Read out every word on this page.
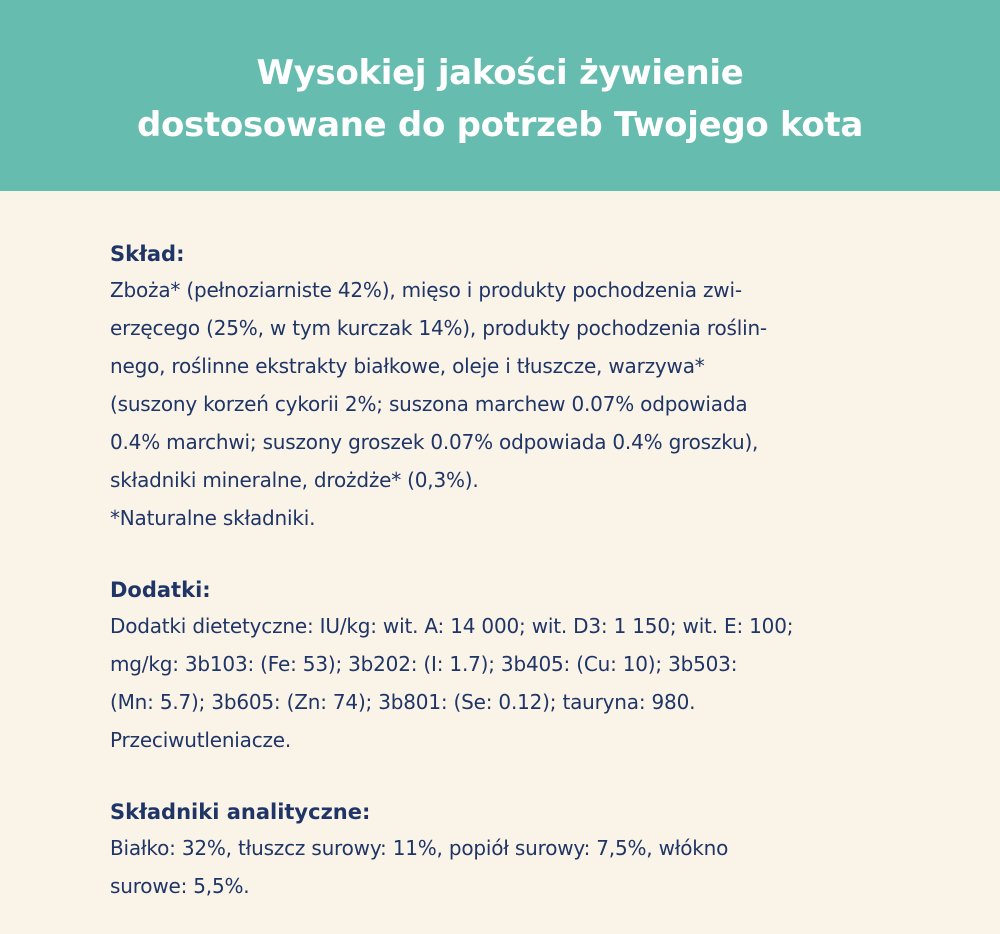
Wysokiej jakości żywienie
dostosowane do potrzeb Twojego kota
Skład:
Zboża* (pełnoziarniste 42%), mięso i produkty pochodzenia zwi-
erzęcego (25%, w tym kurczak 14%), produkty pochodzenia roślin-
nego, roślinne ekstrakty białkowe, oleje i tłuszcze, warzywa*
(suszony korzeń cykorii 2%; suszona marchew 0.07% odpowiada
0.4% marchwi; suszony groszek 0.07% odpowiada 0.4% groszku),
składniki mineralne, drożdże* (0,3%).
*Naturalne składniki.
Dodatki:
Dodatki dietetyczne: IU/kg: wit. A: 14 000; wit. D3: 1 150; wit. E: 100;
mg/kg: 3b103: (Fe: 53); 3b202: (I: 1.7); 3b405: (Cu: 10); 3b503:
(Mn: 5.7); 3b605: (Zn: 74); 3b801: (Se: 0.12); tauryna: 980.
Przeciwutleniacze.
Składniki analityczne:
Białko: 32%, tłuszcz surowy: 11%, popiół surowy: 7,5%, włókno
surowe: 5,5%.
